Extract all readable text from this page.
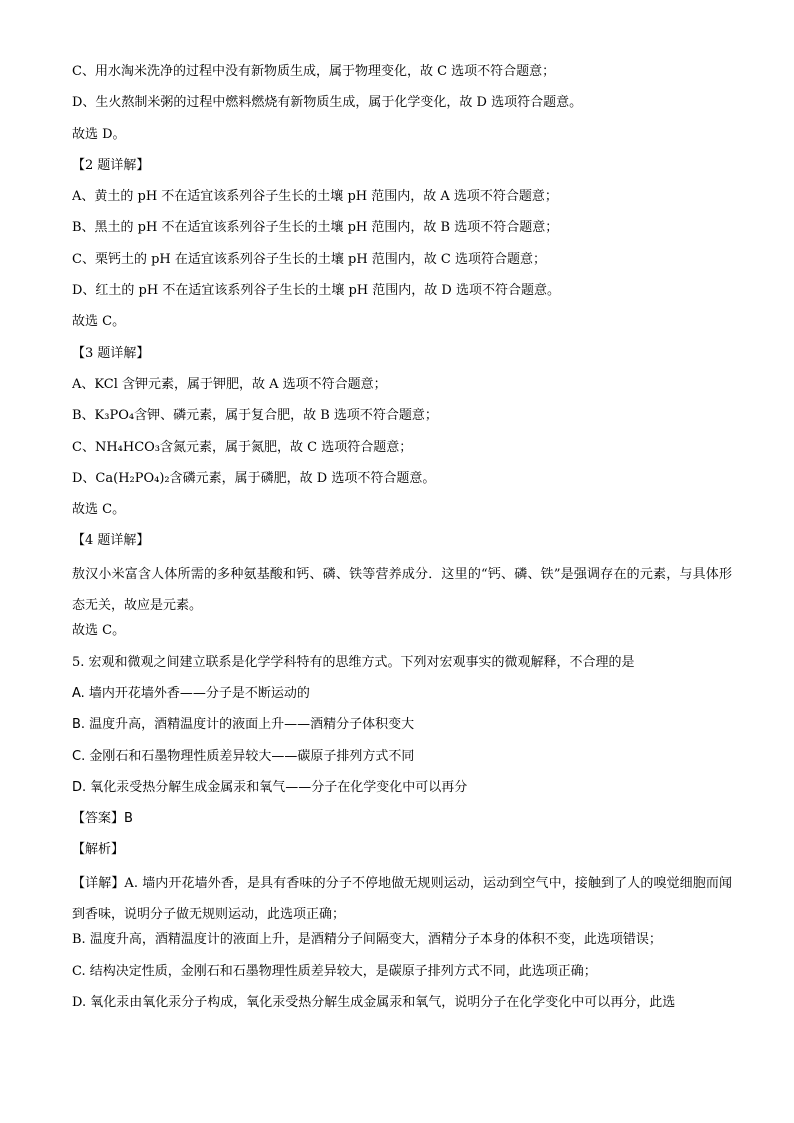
C、用水淘米洗净的过程中没有新物质生成，属于物理变化，故 C 选项不符合题意；
D、生火熬制米粥的过程中燃料燃烧有新物质生成，属于化学变化，故 D 选项符合题意。
故选 D。
【2 题详解】
A、黄土的 pH 不在适宜该系列谷子生长的土壤 pH 范围内，故 A 选项不符合题意；
B、黑土的 pH 不在适宜该系列谷子生长的土壤 pH 范围内，故 B 选项不符合题意；
C、栗钙土的 pH 在适宜该系列谷子生长的土壤 pH 范围内，故 C 选项符合题意；
D、红土的 pH 不在适宜该系列谷子生长的土壤 pH 范围内，故 D 选项不符合题意。
故选 C。
【3 题详解】
A、KCl 含钾元素，属于钾肥，故 A 选项不符合题意；
B、K₃PO₄含钾、磷元素，属于复合肥，故 B 选项不符合题意；
C、NH₄HCO₃含氮元素，属于氮肥，故 C 选项符合题意；
D、Ca(H₂PO₄)₂含磷元素，属于磷肥，故 D 选项不符合题意。
故选 C。
【4 题详解】
敖汉小米富含人体所需的多种氨基酸和钙、磷、铁等营养成分．这里的“钙、磷、铁”是强调存在的元素，与具体形态无关，故应是元素。
故选 C。
5. 宏观和微观之间建立联系是化学学科特有的思维方式。下列对宏观事实的微观解释，不合理的是
A. 墙内开花墙外香——分子是不断运动的
B. 温度升高，酒精温度计的液面上升——酒精分子体积变大
C. 金刚石和石墨物理性质差异较大——碳原子排列方式不同
D. 氧化汞受热分解生成金属汞和氧气——分子在化学变化中可以再分
【答案】B
【解析】
【详解】A. 墙内开花墙外香，是具有香味的分子不停地做无规则运动，运动到空气中，接触到了人的嗅觉细胞而闻到香味，说明分子做无规则运动，此选项正确；
B. 温度升高，酒精温度计的液面上升，是酒精分子间隔变大，酒精分子本身的体积不变，此选项错误；
C. 结构决定性质，金刚石和石墨物理性质差异较大，是碳原子排列方式不同，此选项正确；
D. 氧化汞由氧化汞分子构成，氧化汞受热分解生成金属汞和氧气，说明分子在化学变化中可以再分，此选
